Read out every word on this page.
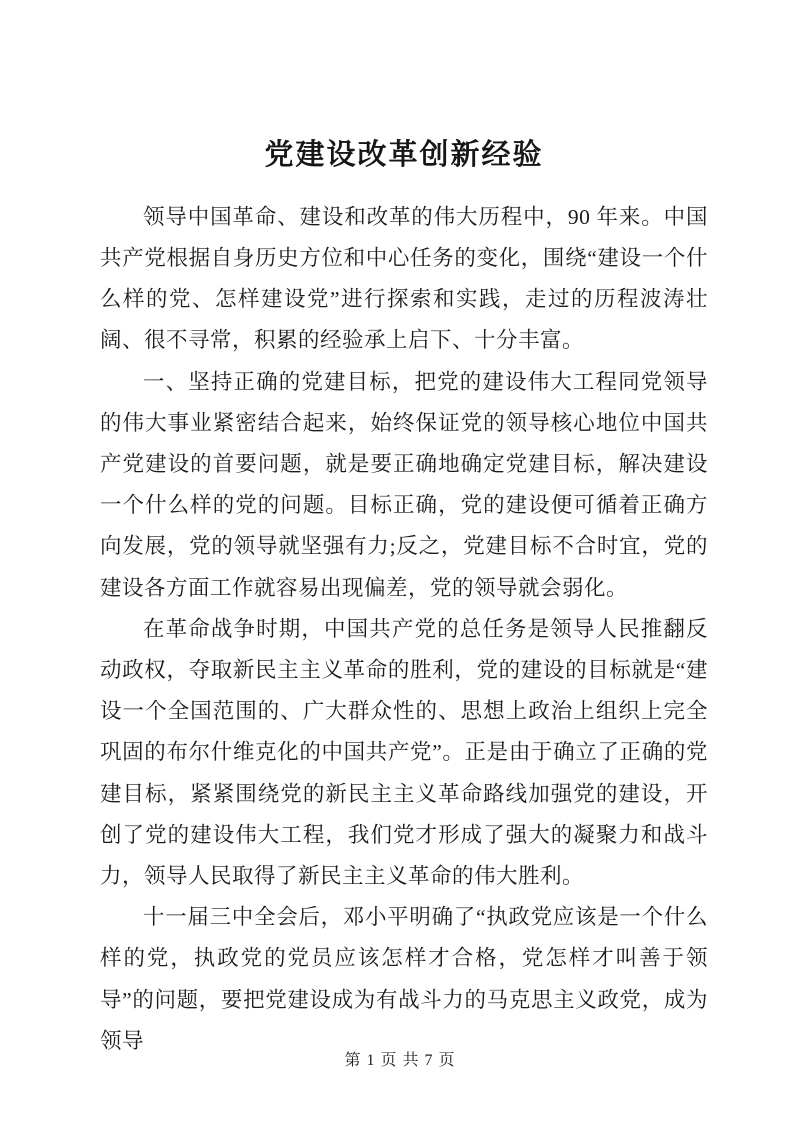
党建设改革创新经验

领导中国革命、建设和改革的伟大历程中，90 年来。中国共产党根据自身历史方位和中心任务的变化，围绕“建设一个什么样的党、怎样建设党”进行探索和实践，走过的历程波涛壮阔、很不寻常，积累的经验承上启下、十分丰富。

一、坚持正确的党建目标，把党的建设伟大工程同党领导的伟大事业紧密结合起来，始终保证党的领导核心地位中国共产党建设的首要问题，就是要正确地确定党建目标，解决建设一个什么样的党的问题。目标正确，党的建设便可循着正确方向发展，党的领导就坚强有力;反之，党建目标不合时宜，党的建设各方面工作就容易出现偏差，党的领导就会弱化。

在革命战争时期，中国共产党的总任务是领导人民推翻反动政权，夺取新民主主义革命的胜利，党的建设的目标就是“建设一个全国范围的、广大群众性的、思想上政治上组织上完全巩固的布尔什维克化的中国共产党”。正是由于确立了正确的党建目标，紧紧围绕党的新民主主义革命路线加强党的建设，开创了党的建设伟大工程，我们党才形成了强大的凝聚力和战斗力，领导人民取得了新民主主义革命的伟大胜利。

十一届三中全会后，邓小平明确了“执政党应该是一个什么样的党，执政党的党员应该怎样才合格，党怎样才叫善于领导”的问题，要把党建设成为有战斗力的马克思主义政党，成为领导

第 1 页 共 7 页
